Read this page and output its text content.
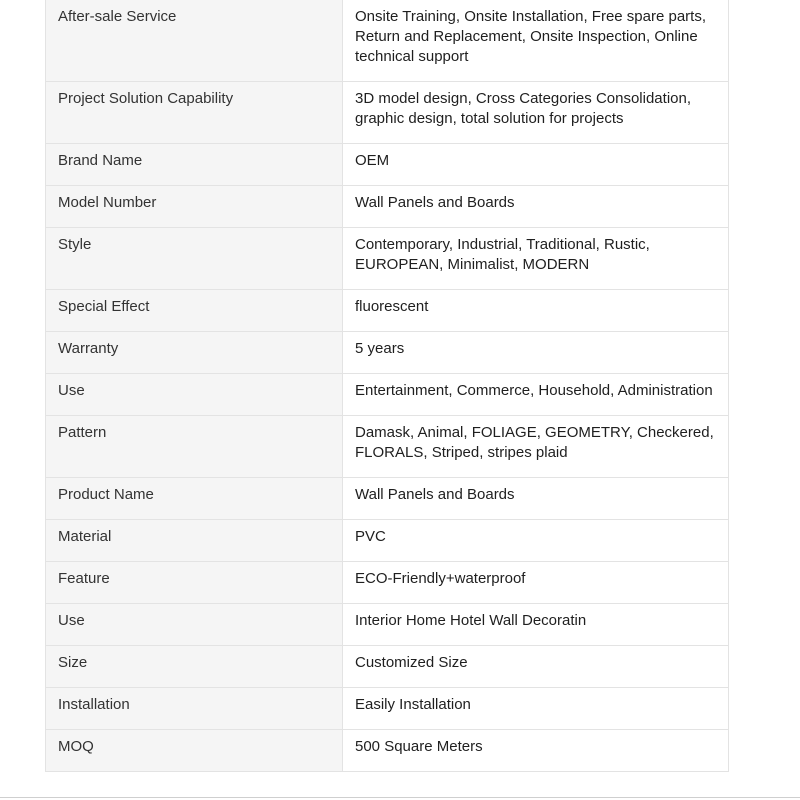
After-sale Service	Onsite Training, Onsite Installation, Free spare parts, Return and Replacement, Onsite Inspection, Online technical support
Project Solution Capability	3D model design, Cross Categories Consolidation, graphic design, total solution for projects
Brand Name	OEM
Model Number	Wall Panels and Boards
Style	Contemporary, Industrial, Traditional, Rustic, EUROPEAN, Minimalist, MODERN
Special Effect	fluorescent
Warranty	5 years
Use	Entertainment, Commerce, Household, Administration
Pattern	Damask, Animal, FOLIAGE, GEOMETRY, Checkered, FLORALS, Striped, stripes plaid
Product Name	Wall Panels and Boards
Material	PVC
Feature	ECO-Friendly+waterproof
Use	Interior Home Hotel Wall Decoratin
Size	Customized Size
Installation	Easily Installation
MOQ	500 Square Meters
